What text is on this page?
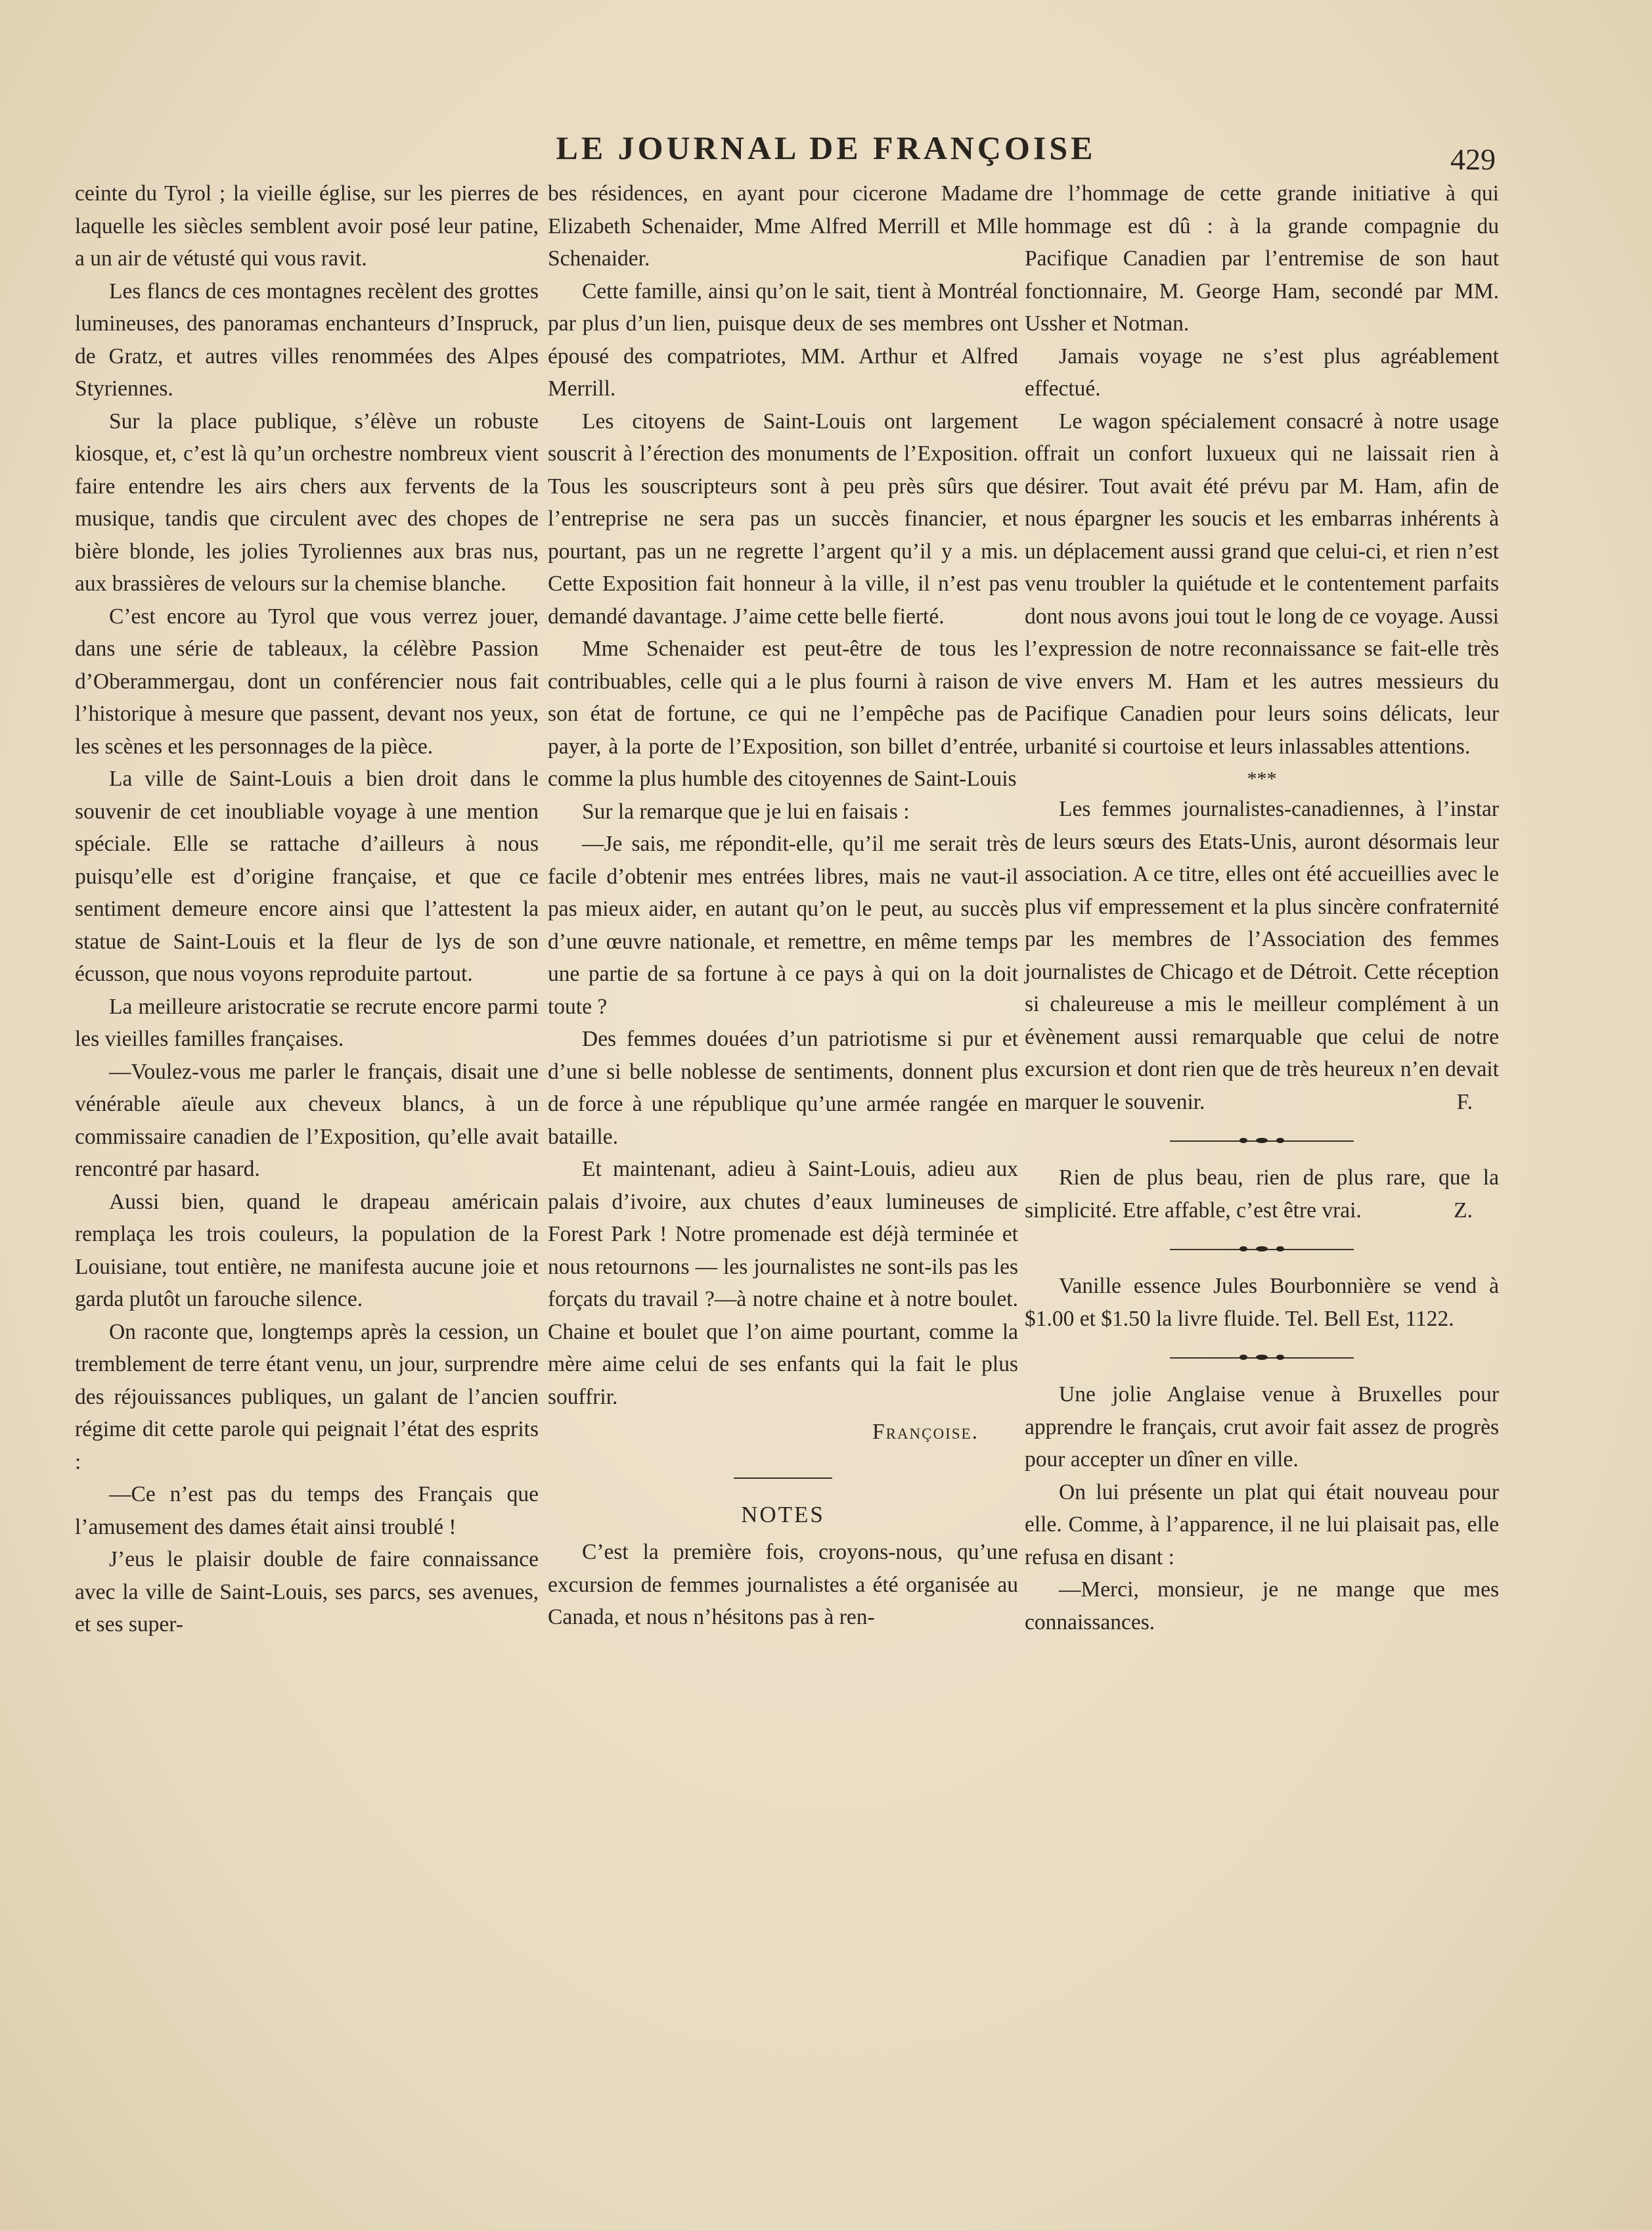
LE JOURNAL DE FRANÇOISE	429

ceinte du Tyrol ; la vieille église, sur les pierres de laquelle les siècles semblent avoir posé leur patine, a un air de vétusté qui vous ravit.

Les flancs de ces montagnes recèlent des grottes lumineuses, des panoramas enchanteurs d’Inspruck, de Gratz, et autres villes renommées des Alpes Styriennes.

Sur la place publique, s’élève un robuste kiosque, et, c’est là qu’un orchestre nombreux vient faire entendre les airs chers aux fervents de la musique, tandis que circulent avec des chopes de bière blonde, les jolies Tyroliennes aux bras nus, aux brassières de velours sur la chemise blanche.

C’est encore au Tyrol que vous verrez jouer, dans une série de tableaux, la célèbre Passion d’Oberammergau, dont un conférencier nous fait l’historique à mesure que passent, devant nos yeux, les scènes et les personnages de la pièce.

La ville de Saint-Louis a bien droit dans le souvenir de cet inoubliable voyage à une mention spéciale. Elle se rattache d’ailleurs à nous puisqu’elle est d’origine française, et que ce sentiment demeure encore ainsi que l’attestent la statue de Saint-Louis et la fleur de lys de son écusson, que nous voyons reproduite partout.

La meilleure aristocratie se recrute encore parmi les vieilles familles françaises.

—Voulez-vous me parler le français, disait une vénérable aïeule aux cheveux blancs, à un commissaire canadien de l’Exposition, qu’elle avait rencontré par hasard.

Aussi bien, quand le drapeau américain remplaça les trois couleurs, la population de la Louisiane, tout entière, ne manifesta aucune joie et garda plutôt un farouche silence.

On raconte que, longtemps après la cession, un tremblement de terre étant venu, un jour, surprendre des réjouissances publiques, un galant de l’ancien régime dit cette parole qui peignait l’état des esprits :

—Ce n’est pas du temps des Français que l’amusement des dames était ainsi troublé !

J’eus le plaisir double de faire connaissance avec la ville de Saint-Louis, ses parcs, ses avenues, et ses super-

bes résidences, en ayant pour cicerone Madame Elizabeth Schenaider, Mme Alfred Merrill et Mlle Schenaider.

Cette famille, ainsi qu’on le sait, tient à Montréal par plus d’un lien, puisque deux de ses membres ont épousé des compatriotes, MM. Arthur et Alfred Merrill.

Les citoyens de Saint-Louis ont largement souscrit à l’érection des monuments de l’Exposition. Tous les souscripteurs sont à peu près sûrs que l’entreprise ne sera pas un succès financier, et pourtant, pas un ne regrette l’argent qu’il y a mis. Cette Exposition fait honneur à la ville, il n’est pas demandé davantage. J’aime cette belle fierté.

Mme Schenaider est peut-être de tous les contribuables, celle qui a le plus fourni à raison de son état de fortune, ce qui ne l’empêche pas de payer, à la porte de l’Exposition, son billet d’entrée, comme la plus humble des citoyennes de Saint-Louis

Sur la remarque que je lui en faisais :

—Je sais, me répondit-elle, qu’il me serait très facile d’obtenir mes entrées libres, mais ne vaut-il pas mieux aider, en autant qu’on le peut, au succès d’une œuvre nationale, et remettre, en même temps une partie de sa fortune à ce pays à qui on la doit toute ?

Des femmes douées d’un patriotisme si pur et d’une si belle noblesse de sentiments, donnent plus de force à une république qu’une armée rangée en bataille.

Et maintenant, adieu à Saint-Louis, adieu aux palais d’ivoire, aux chutes d’eaux lumineuses de Forest Park ! Notre promenade est déjà terminée et nous retournons — les journalistes ne sont-ils pas les forçats du travail ?—à notre chaine et à notre boulet. Chaine et boulet que l’on aime pourtant, comme la mère aime celui de ses enfants qui la fait le plus souffrir.

Françoise.
NOTES

C’est la première fois, croyons-nous, qu’une excursion de femmes journalistes a été organisée au Canada, et nous n’hésitons pas à ren-

dre l’hommage de cette grande initiative à qui hommage est dû : à la grande compagnie du Pacifique Canadien par l’entremise de son haut fonctionnaire, M. George Ham, secondé par MM. Ussher et Notman.

Jamais voyage ne s’est plus agréablement effectué.

Le wagon spécialement consacré à notre usage offrait un confort luxueux qui ne laissait rien à désirer. Tout avait été prévu par M. Ham, afin de nous épargner les soucis et les embarras inhérents à un déplacement aussi grand que celui-ci, et rien n’est venu troubler la quiétude et le contentement parfaits dont nous avons joui tout le long de ce voyage. Aussi l’expression de notre reconnaissance se fait-elle très vive envers M. Ham et les autres messieurs du Pacifique Canadien pour leurs soins délicats, leur urbanité si courtoise et leurs inlassables attentions.

***

Les femmes journalistes-canadiennes, à l’instar de leurs sœurs des Etats-Unis, auront désormais leur association. A ce titre, elles ont été accueillies avec le plus vif empressement et la plus sincère confraternité par les membres de l’Association des femmes journalistes de Chicago et de Détroit. Cette réception si chaleureuse a mis le meilleur complément à un évènement aussi remarquable que celui de notre excursion et dont rien que de très heureux n’en devait marquer le souvenir.	F.

Rien de plus beau, rien de plus rare, que la simplicité. Etre affable, c’est être vrai.	Z.

Vanille essence Jules Bourbonnière se vend à $1.00 et $1.50 la livre fluide. Tel. Bell Est, 1122.

Une jolie Anglaise venue à Bruxelles pour apprendre le français, crut avoir fait assez de progrès pour accepter un dîner en ville.

On lui présente un plat qui était nouveau pour elle. Comme, à l’apparence, il ne lui plaisait pas, elle refusa en disant :

—Merci, monsieur, je ne mange que mes connaissances.
